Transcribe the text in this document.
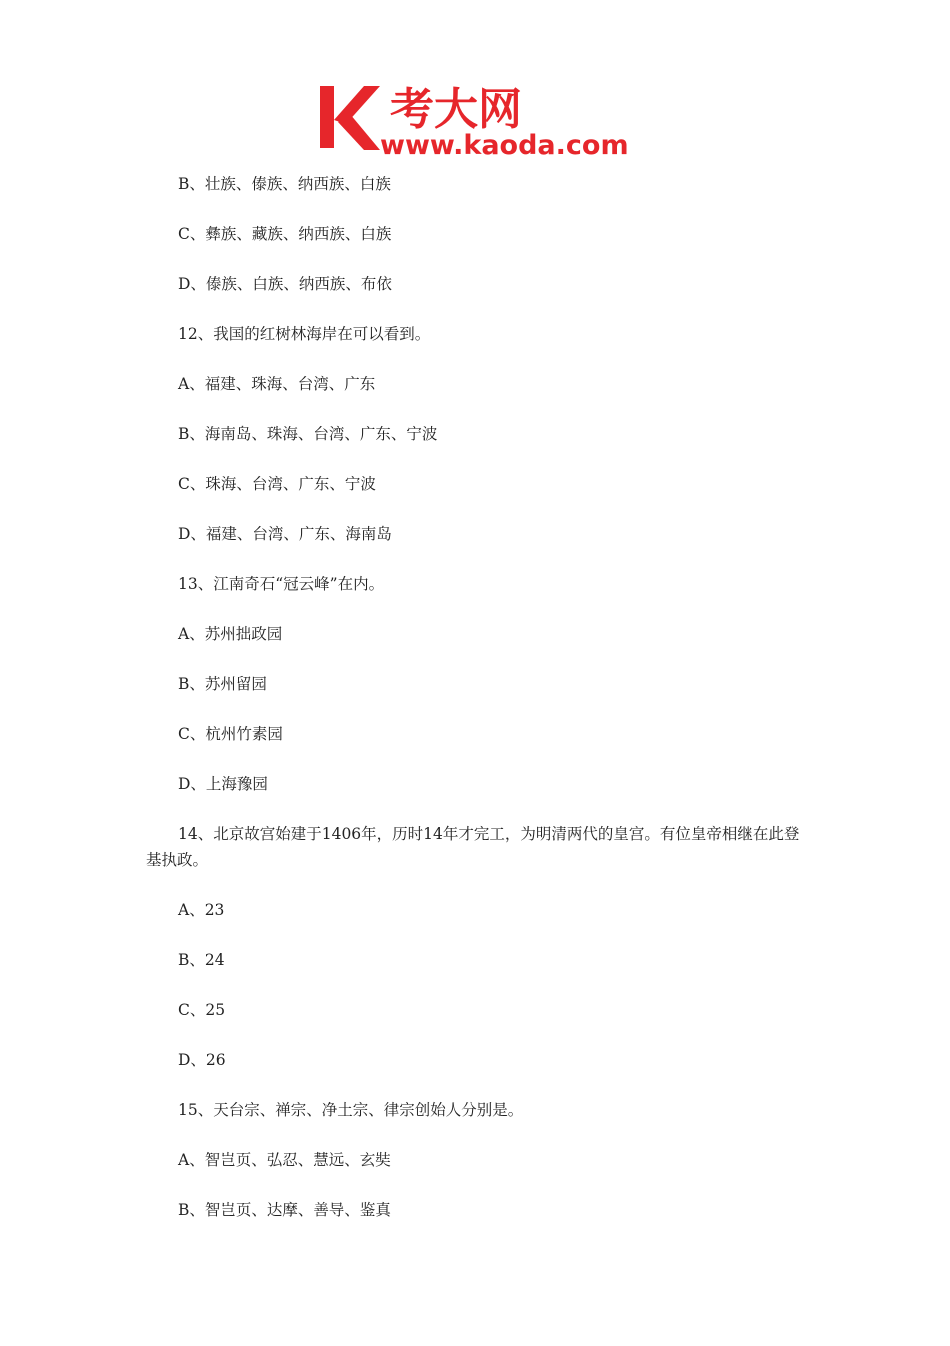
考大网
www.kaoda.com
B、壮族、傣族、纳西族、白族
C、彝族、藏族、纳西族、白族
D、傣族、白族、纳西族、布依
12、我国的红树林海岸在可以看到。
A、福建、珠海、台湾、广东
B、海南岛、珠海、台湾、广东、宁波
C、珠海、台湾、广东、宁波
D、福建、台湾、广东、海南岛
13、江南奇石“冠云峰”在内。
A、苏州拙政园
B、苏州留园
C、杭州竹素园
D、上海豫园
14、北京故宫始建于1406年，历时14年才完工，为明清两代的皇宫。有位皇帝相继在此登基执政。
A、23
B、24
C、25
D、26
15、天台宗、禅宗、净土宗、律宗创始人分别是。
A、智岂页、弘忍、慧远、玄奘
B、智岂页、达摩、善导、鉴真
